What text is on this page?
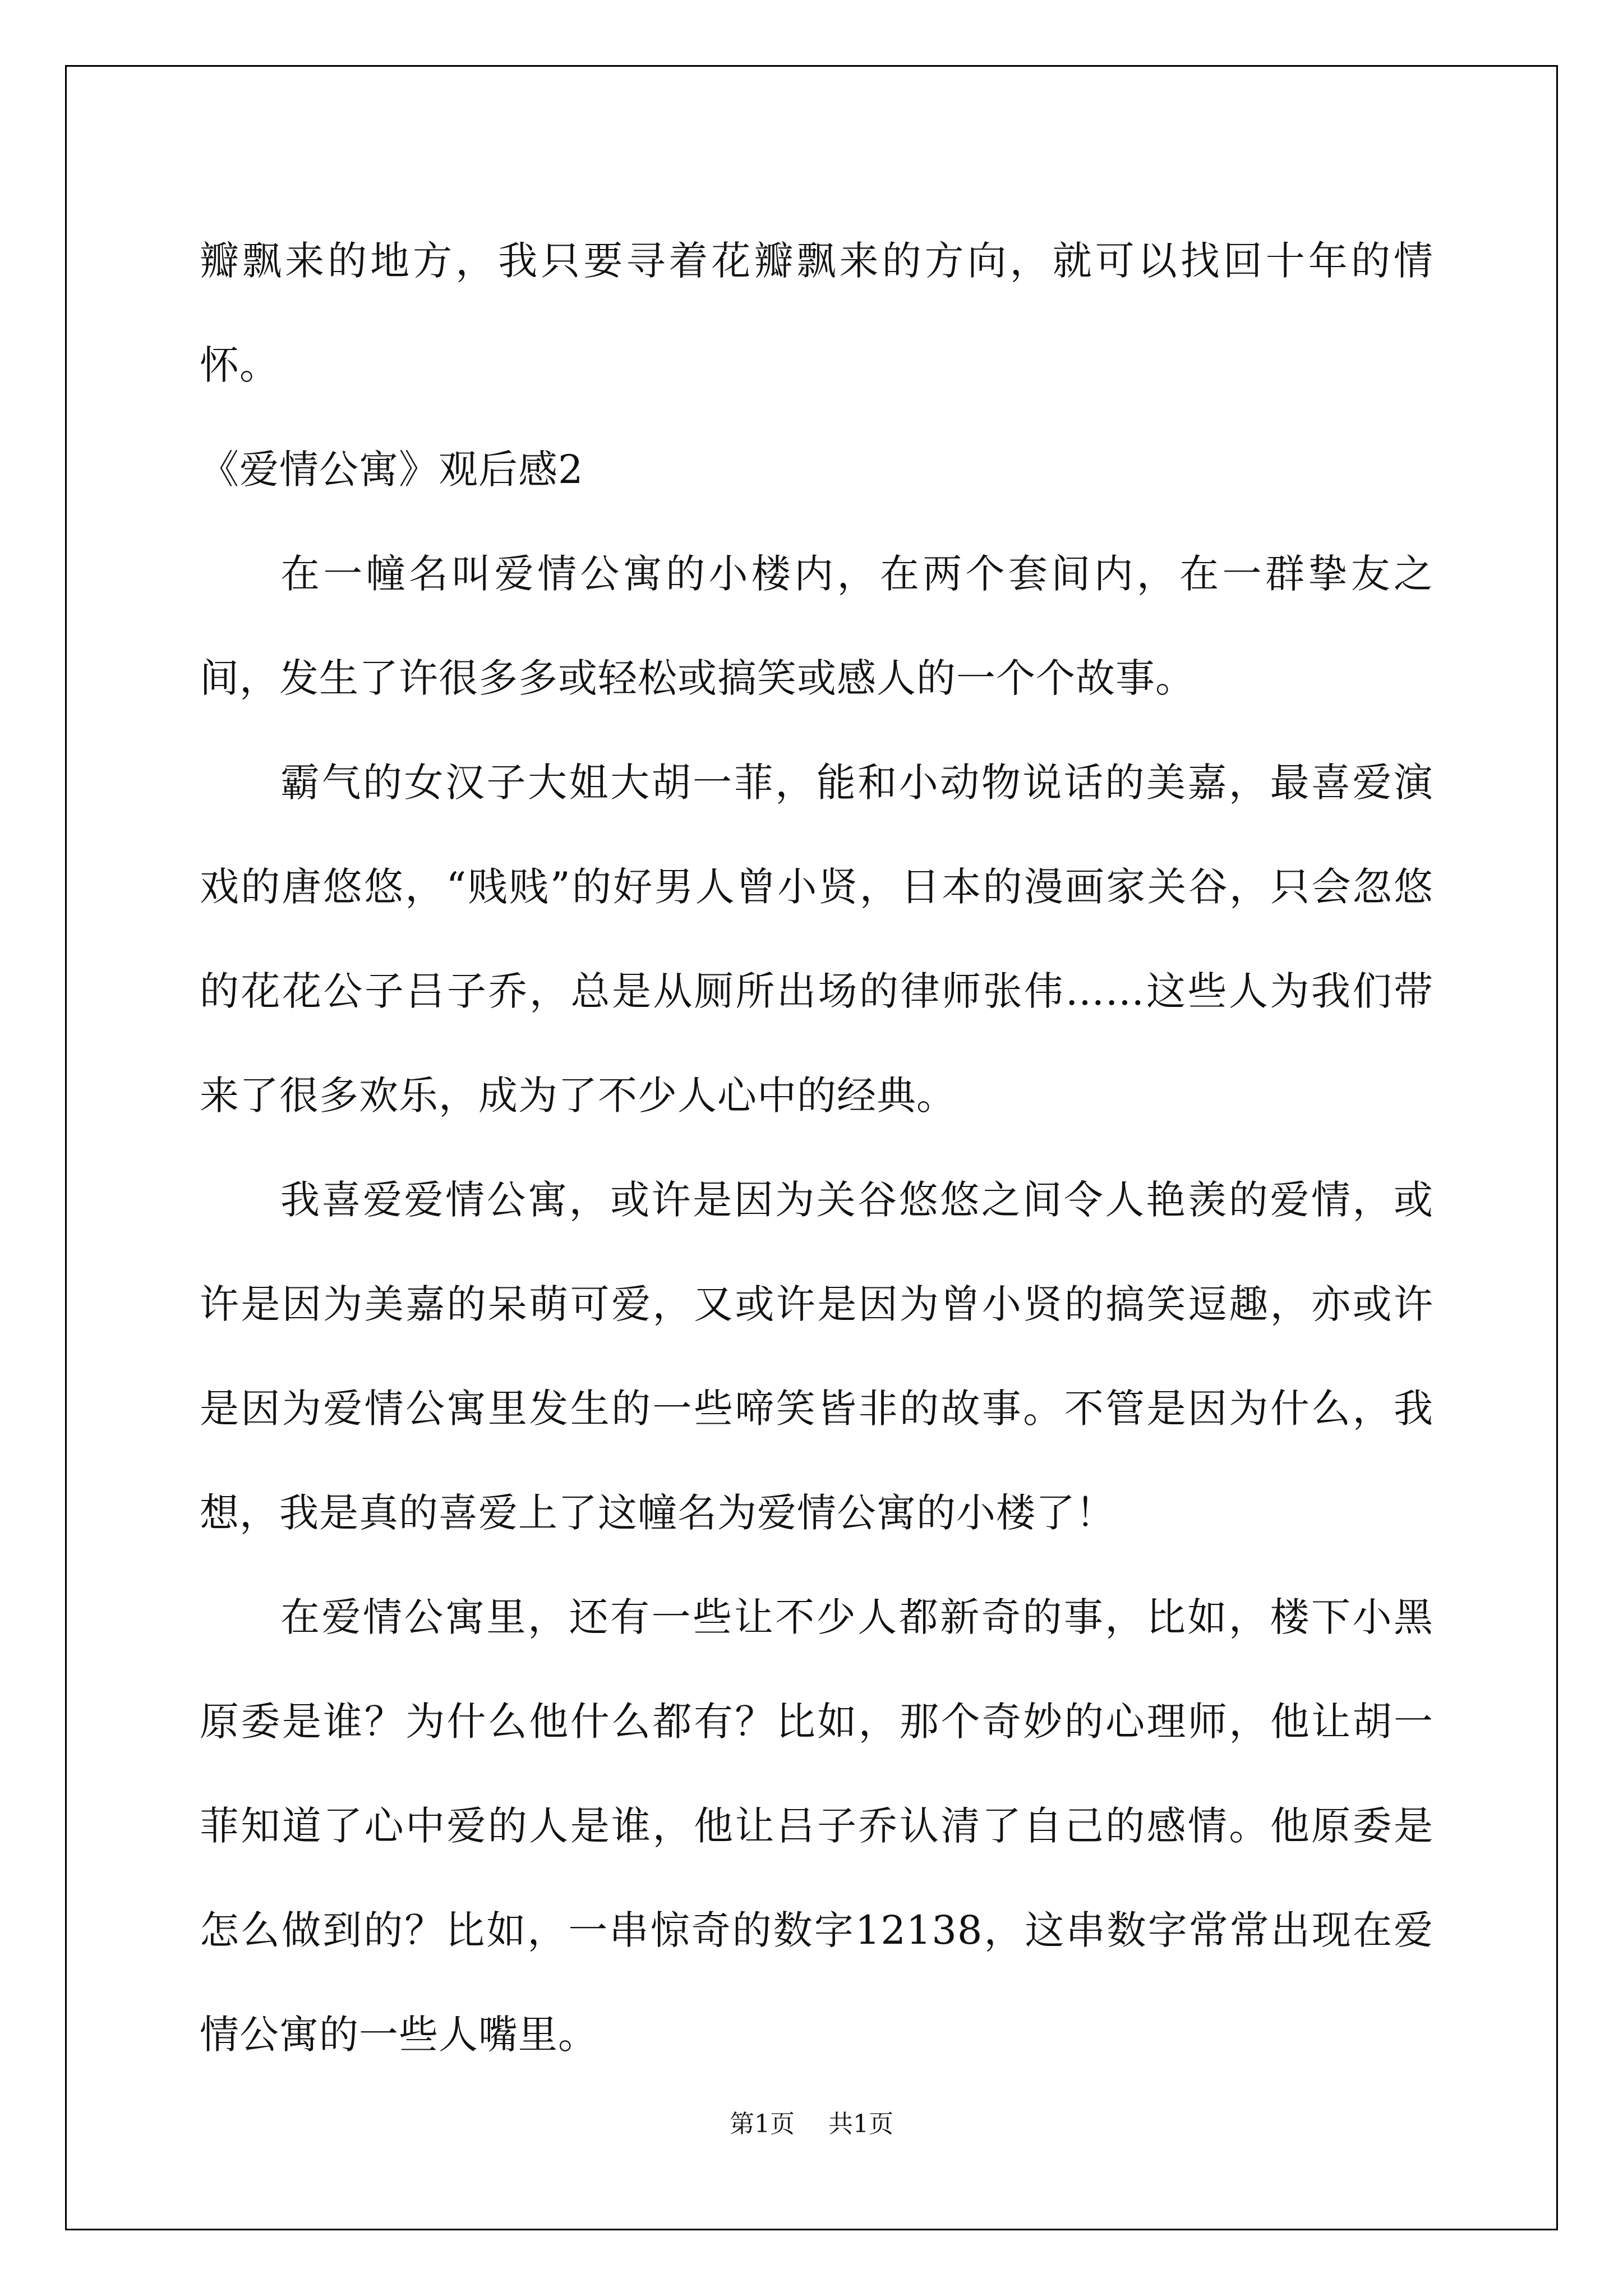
瓣飘来的地方，我只要寻着花瓣飘来的方向，就可以找回十年的情怀。

《爱情公寓》观后感2

在一幢名叫爱情公寓的小楼内，在两个套间内，在一群挚友之间，发生了许很多多或轻松或搞笑或感人的一个个故事。

霸气的女汉子大姐大胡一菲，能和小动物说话的美嘉，最喜爱演戏的唐悠悠，“贱贱”的好男人曾小贤，日本的漫画家关谷，只会忽悠的花花公子吕子乔，总是从厕所出场的律师张伟……这些人为我们带来了很多欢乐，成为了不少人心中的经典。

我喜爱爱情公寓，或许是因为关谷悠悠之间令人艳羡的爱情，或许是因为美嘉的呆萌可爱，又或许是因为曾小贤的搞笑逗趣，亦或许是因为爱情公寓里发生的一些啼笑皆非的故事。不管是因为什么，我想，我是真的喜爱上了这幢名为爱情公寓的小楼了！

在爱情公寓里，还有一些让不少人都新奇的事，比如，楼下小黑原委是谁？为什么他什么都有？比如，那个奇妙的心理师，他让胡一菲知道了心中爱的人是谁，他让吕子乔认清了自己的感情。他原委是怎么做到的？比如，一串惊奇的数字12138，这串数字常常出现在爱情公寓的一些人嘴里。

第1页 共1页
